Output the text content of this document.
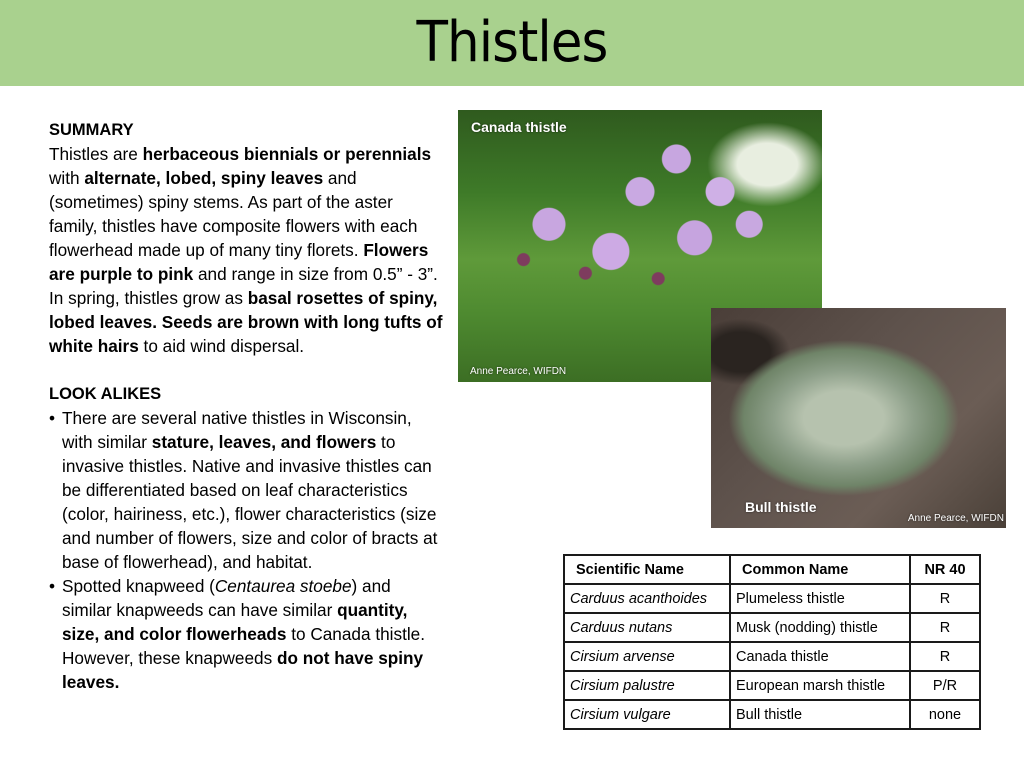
Thistles
SUMMARY

Thistles are herbaceous biennials or perennials with alternate, lobed, spiny leaves and (sometimes) spiny stems. As part of the aster family, thistles have composite flowers with each flowerhead made up of many tiny florets. Flowers are purple to pink and range in size from 0.5” - 3”. In spring, thistles grow as basal rosettes of spiny, lobed leaves. Seeds are brown with long tufts of white hairs to aid wind dispersal.

LOOK ALIKES
• There are several native thistles in Wisconsin, with similar stature, leaves, and flowers to invasive thistles. Native and invasive thistles can be differentiated based on leaf characteristics (color, hairiness, etc.), flower characteristics (size and number of flowers, size and color of bracts at base of flowerhead), and habitat.
• Spotted knapweed (Centaurea stoebe) and similar knapweeds can have similar quantity, size, and color flowerheads to Canada thistle. However, these knapweeds do not have spiny leaves.
Canada thistle
Anne Pearce, WIFDN
Bull thistle
Anne Pearce, WIFDN
Scientific Name	Common Name	NR 40
Carduus acanthoides	Plumeless thistle	R
Carduus nutans	Musk (nodding) thistle	R
Cirsium arvense	Canada thistle	R
Cirsium palustre	European marsh thistle	P/R
Cirsium vulgare	Bull thistle	none
